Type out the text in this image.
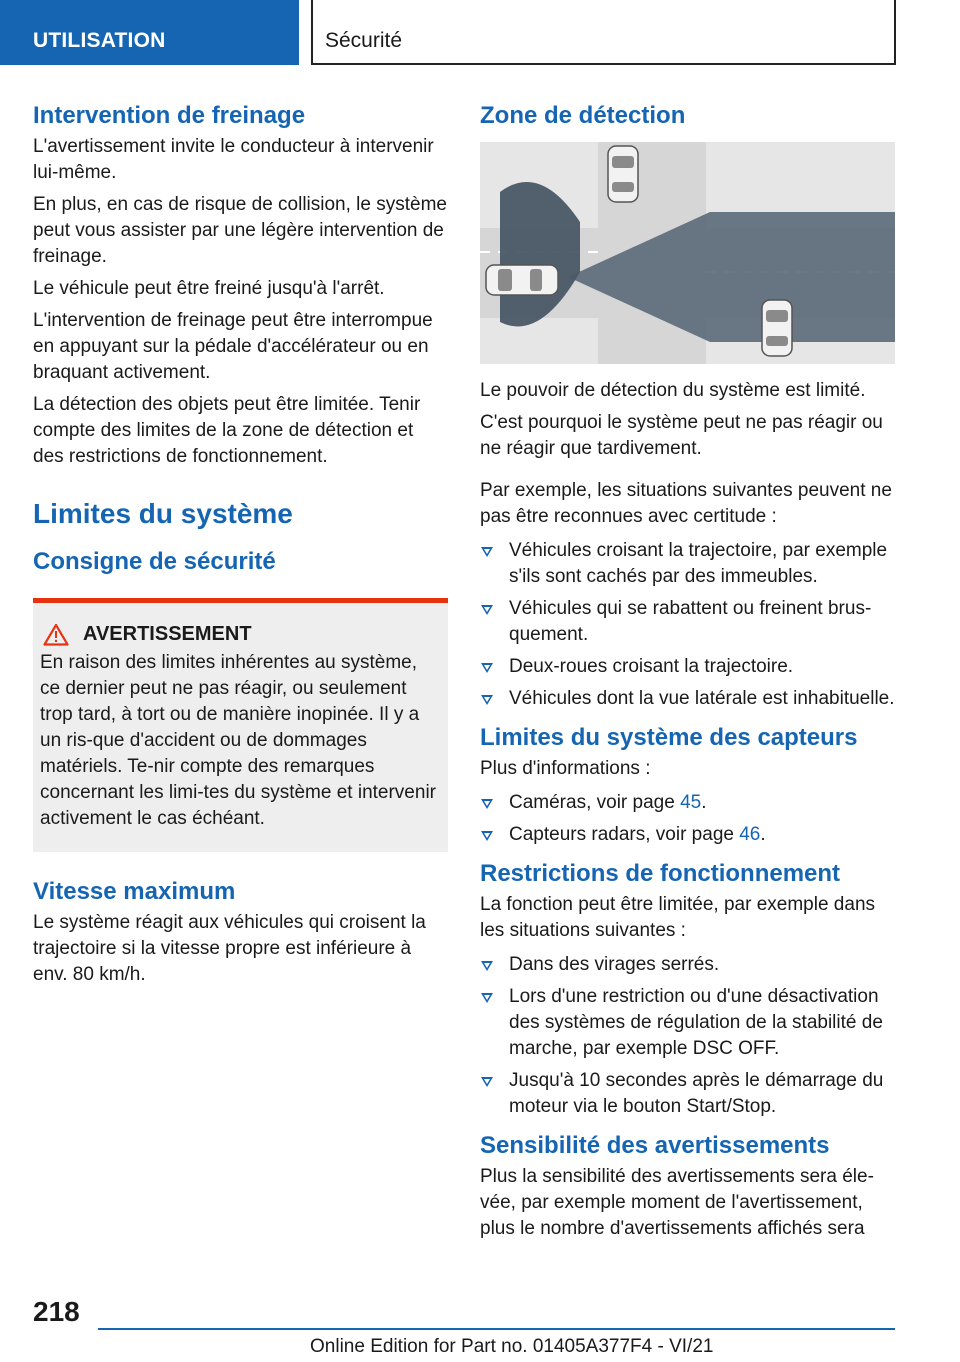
UTILISATION	Sécurité
Intervention de freinage

L'avertissement invite le conducteur à intervenir lui-même.

En plus, en cas de risque de collision, le système peut vous assister par une légère intervention de freinage.

Le véhicule peut être freiné jusqu'à l'arrêt.

L'intervention de freinage peut être interrompue en appuyant sur la pédale d'accélérateur ou en braquant activement.

La détection des objets peut être limitée. Tenir compte des limites de la zone de détection et des restrictions de fonctionnement.

Limites du système
Consigne de sécurité
AVERTISSEMENT

En raison des limites inhérentes au système, ce dernier peut ne pas réagir, ou seulement trop tard, à tort ou de manière inopinée. Il y a un ris-que d'accident ou de dommages matériels. Te-nir compte des remarques concernant les limi-tes du système et intervenir activement le cas échéant.

Vitesse maximum

Le système réagit aux véhicules qui croisent la trajectoire si la vitesse propre est inférieure à env. 80 km/h.

Zone de détection

Le pouvoir de détection du système est limité.

C'est pourquoi le système peut ne pas réagir ou ne réagir que tardivement.

Par exemple, les situations suivantes peuvent ne pas être reconnues avec certitude :

Véhicules croisant la trajectoire, par exemple s'ils sont cachés par des immeubles.
Véhicules qui se rabattent ou freinent brus-quement.
Deux-roues croisant la trajectoire.
Véhicules dont la vue latérale est inhabituelle.
Limites du système des capteurs

Plus d'informations :

Caméras, voir page 45.
Capteurs radars, voir page 46.
Restrictions de fonctionnement

La fonction peut être limitée, par exemple dans les situations suivantes :

Dans des virages serrés.
Lors d'une restriction ou d'une désactivation des systèmes de régulation de la stabilité de marche, par exemple DSC OFF.
Jusqu'à 10 secondes après le démarrage du moteur via le bouton Start/Stop.
Sensibilité des avertissements

Plus la sensibilité des avertissements sera éle-vée, par exemple moment de l'avertissement, plus le nombre d'avertissements affichés sera

218
Online Edition for Part no. 01405A377F4 - VI/21
